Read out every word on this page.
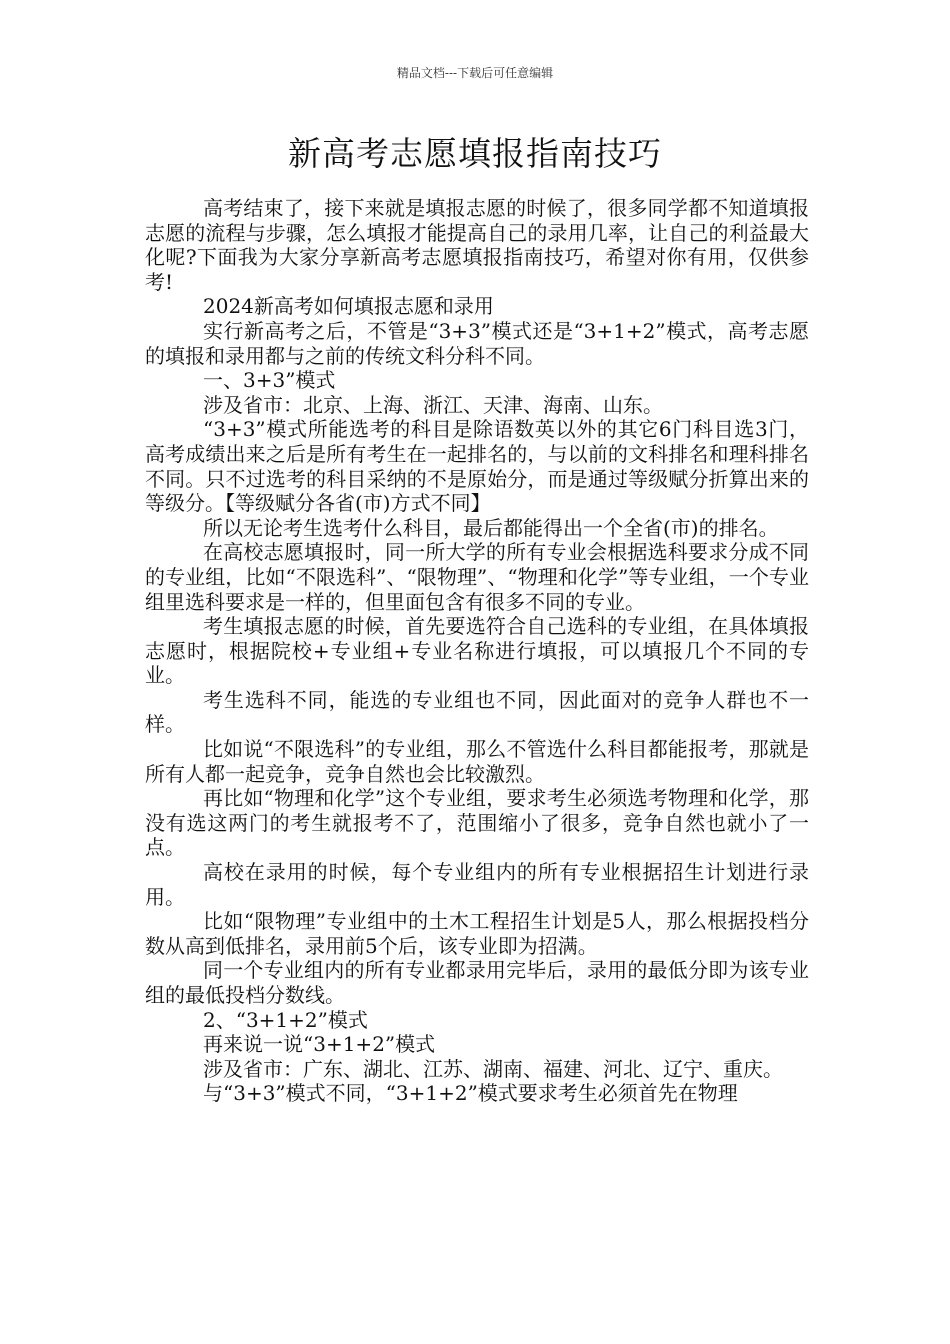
精品文档---下载后可任意编辑
新高考志愿填报指南技巧

高考结束了，接下来就是填报志愿的时候了，很多同学都不知道填报志愿的流程与步骤，怎么填报才能提高自己的录用几率，让自己的利益最大化呢?下面我为大家分享新高考志愿填报指南技巧，希望对你有用，仅供参考!

2024新高考如何填报志愿和录用

实行新高考之后，不管是“3+3”模式还是“3+1+2”模式，高考志愿的填报和录用都与之前的传统文科分科不同。

一、3+3”模式

涉及省市：北京、上海、浙江、天津、海南、山东。

“3+3”模式所能选考的科目是除语数英以外的其它6门科目选3门，高考成绩出来之后是所有考生在一起排名的，与以前的文科排名和理科排名不同。只不过选考的科目采纳的不是原始分，而是通过等级赋分折算出来的等级分。【等级赋分各省(市)方式不同】

所以无论考生选考什么科目，最后都能得出一个全省(市)的排名。

在高校志愿填报时，同一所大学的所有专业会根据选科要求分成不同的专业组，比如“不限选科”、“限物理”、“物理和化学”等专业组，一个专业组里选科要求是一样的，但里面包含有很多不同的专业。

考生填报志愿的时候，首先要选符合自己选科的专业组，在具体填报志愿时，根据院校+专业组+专业名称进行填报，可以填报几个不同的专业。

考生选科不同，能选的专业组也不同，因此面对的竞争人群也不一样。

比如说“不限选科”的专业组，那么不管选什么科目都能报考，那就是所有人都一起竞争，竞争自然也会比较激烈。

再比如“物理和化学”这个专业组，要求考生必须选考物理和化学，那没有选这两门的考生就报考不了，范围缩小了很多，竞争自然也就小了一点。

高校在录用的时候，每个专业组内的所有专业根据招生计划进行录用。

比如“限物理”专业组中的土木工程招生计划是5人，那么根据投档分数从高到低排名，录用前5个后，该专业即为招满。

同一个专业组内的所有专业都录用完毕后，录用的最低分即为该专业组的最低投档分数线。

2、“3+1+2”模式

再来说一说“3+1+2”模式

涉及省市：广东、湖北、江苏、湖南、福建、河北、辽宁、重庆。

与“3+3”模式不同，“3+1+2”模式要求考生必须首先在物理
